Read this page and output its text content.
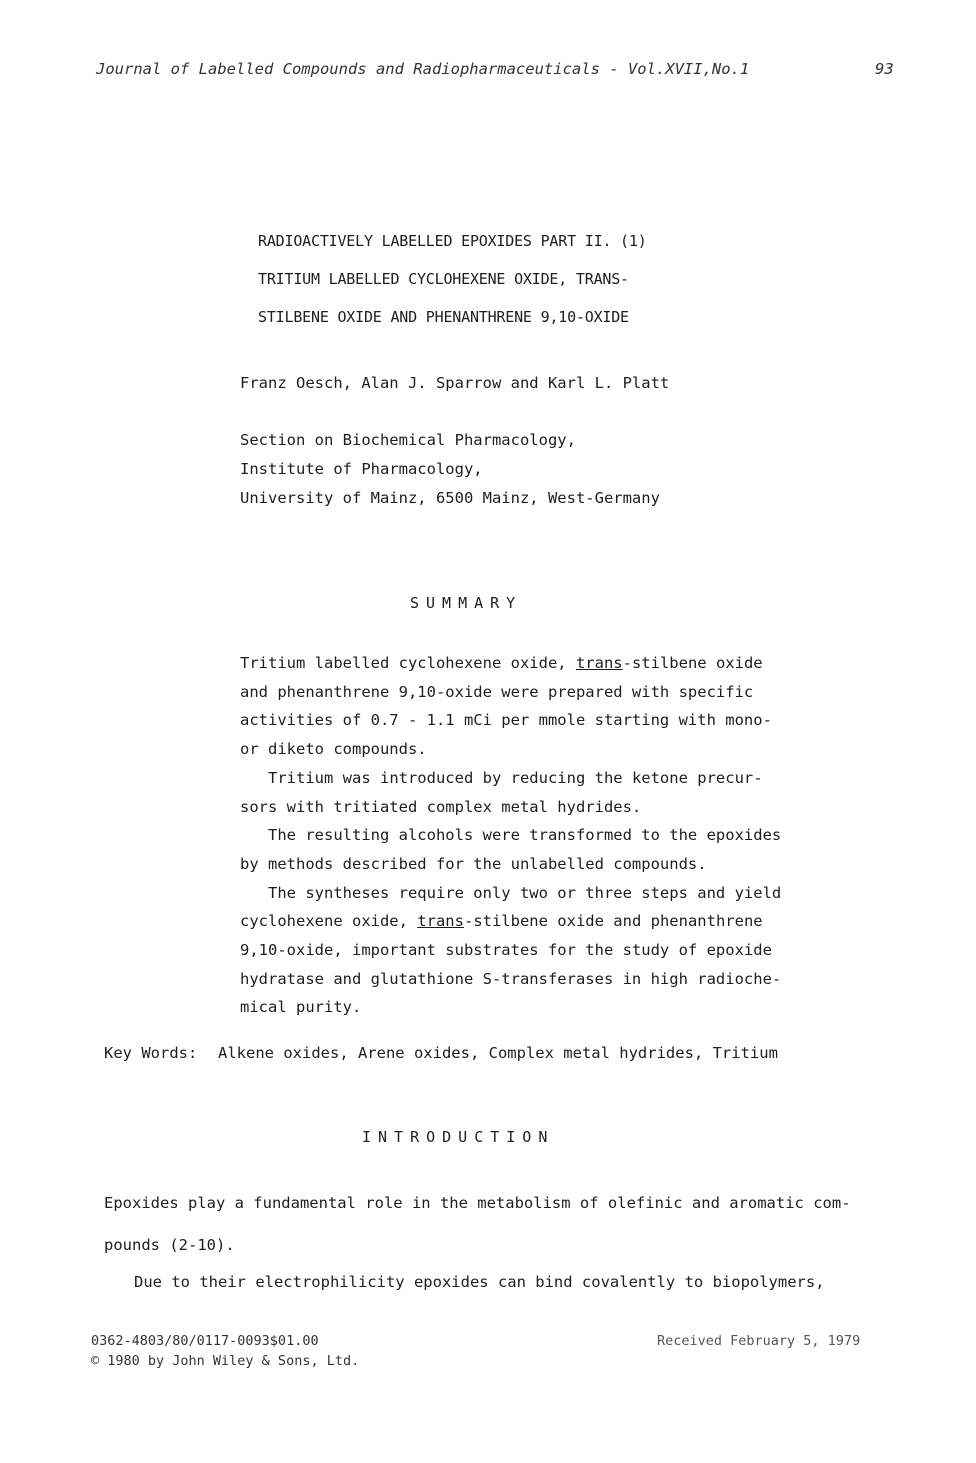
Journal of Labelled Compounds and Radiopharmaceuticals - Vol.XVII,No.1	93
RADIOACTIVELY LABELLED EPOXIDES PART II. (1)
TRITIUM LABELLED CYCLOHEXENE OXIDE, TRANS-
STILBENE OXIDE AND PHENANTHRENE 9,10-OXIDE
Franz Oesch, Alan J. Sparrow and Karl L. Platt
Section on Biochemical Pharmacology,
Institute of Pharmacology,
University of Mainz, 6500 Mainz, West-Germany
SUMMARY

Tritium labelled cyclohexene oxide, trans-stilbene oxide

and phenanthrene 9,10-oxide were prepared with specific

activities of 0.7 - 1.1 mCi per mmole starting with mono-

or diketo compounds.

Tritium was introduced by reducing the ketone precur-

sors with tritiated complex metal hydrides.

The resulting alcohols were transformed to the epoxides

by methods described for the unlabelled compounds.

The syntheses require only two or three steps and yield

cyclohexene oxide, trans-stilbene oxide and phenanthrene

9,10-oxide, important substrates for the study of epoxide

hydratase and glutathione S-transferases in high radioche-

mical purity.

Key Words: Alkene oxides, Arene oxides, Complex metal hydrides, Tritium
INTRODUCTION
Epoxides play a fundamental role in the metabolism of olefinic and aromatic com-
pounds (2-10).
Due to their electrophilicity epoxides can bind covalently to biopolymers,
0362-4803/80/0117-0093$01.00
© 1980 by John Wiley & Sons, Ltd.
Received February 5, 1979
